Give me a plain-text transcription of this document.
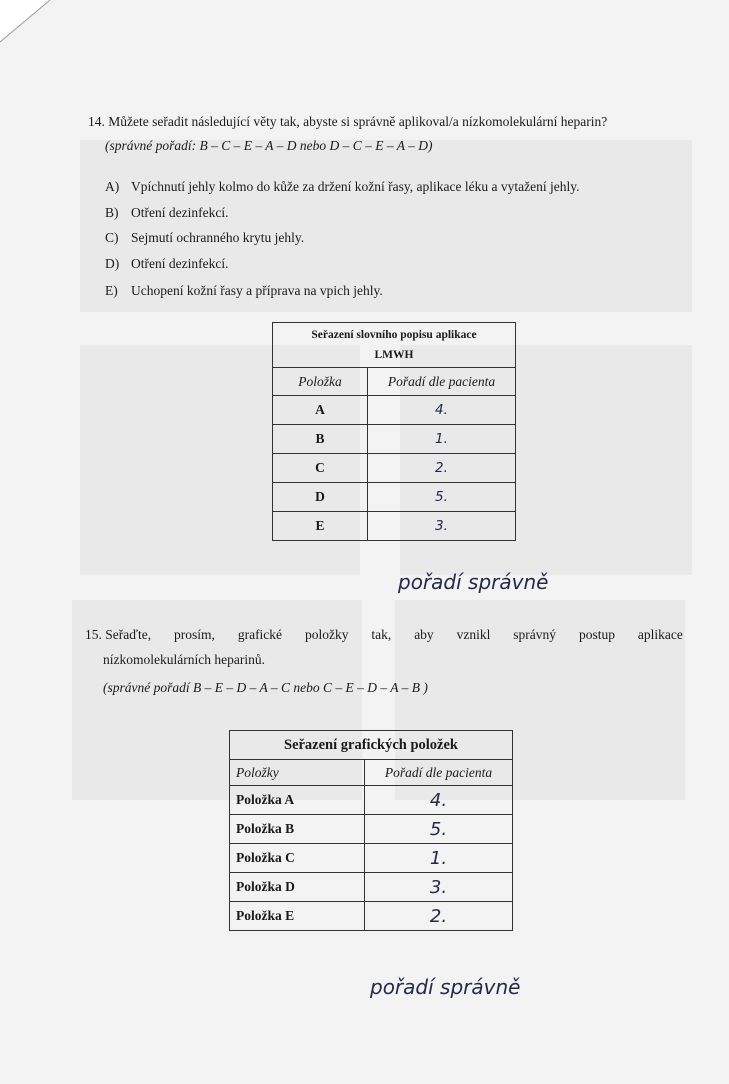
14. Můžete seřadit následující věty tak, abyste si správně aplikoval/a nízkomolekulární heparin?
(správné pořadí: B – C – E – A – D nebo D – C – E – A – D)
A) Vpíchnutí jehly kolmo do kůže za držení kožní řasy, aplikace léku a vytažení jehly.
B) Otření dezinfekcí.
C) Sejmutí ochranného krytu jehly.
D) Otření dezinfekcí.
E) Uchopení kožní řasy a příprava na vpich jehly.
Seřazení slovního popisu aplikace
LMWH	

Položka	Pořadí dle pacienta
A	4.
B	1.
C	2.
D	5.
E	3.
pořadí správně
15. Seřaďte, prosím, grafické položky tak, aby vznikl správný postup aplikace
nízkomolekulárních heparinů.
(správné pořadí B – E – D – A – C nebo C – E – D – A – B )
Seřazení grafických položek	
Položky	Pořadí dle pacienta
Položka A	4.
Položka B	5.
Položka C	1.
Položka D	3.
Položka E	2.
pořadí správně
